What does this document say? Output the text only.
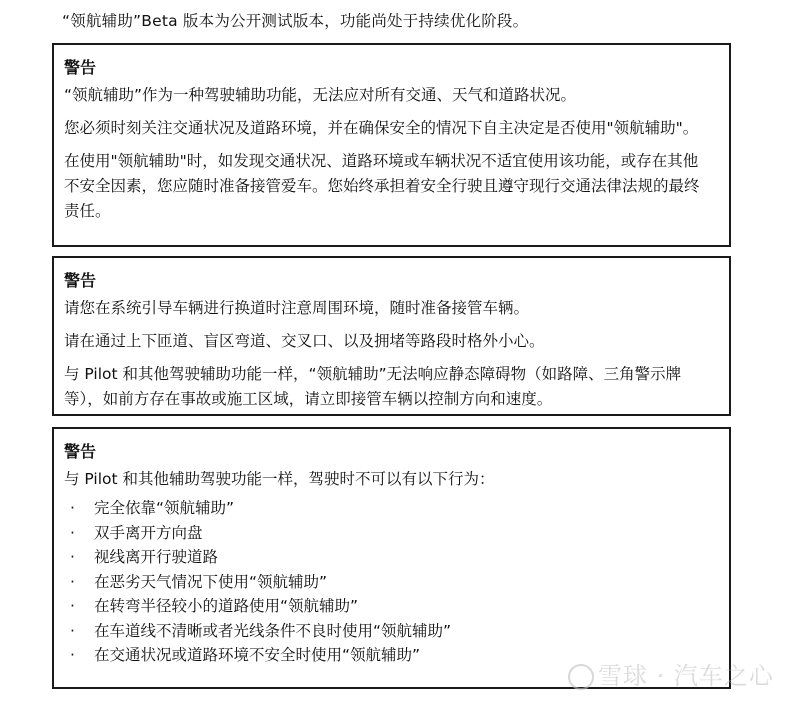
“领航辅助”Beta 版本为公开测试版本，功能尚处于持续优化阶段。
警告

“领航辅助”作为一种驾驶辅助功能，无法应对所有交通、天气和道路状况。

您必须时刻关注交通状况及道路环境，并在确保安全的情况下自主决定是否使用"领航辅助"。

在使用"领航辅助"时，如发现交通状况、道路环境或车辆状况不适宜使用该功能，或存在其他不安全因素，您应随时准备接管爱车。您始终承担着安全行驶且遵守现行交通法律法规的最终责任。

警告

请您在系统引导车辆进行换道时注意周围环境，随时准备接管车辆。

请在通过上下匝道、盲区弯道、交叉口、以及拥堵等路段时格外小心。

与 Pilot 和其他驾驶辅助功能一样，“领航辅助”无法响应静态障碍物（如路障、三角警示牌等），如前方存在事故或施工区域，请立即接管车辆以控制方向和速度。

警告

与 Pilot 和其他辅助驾驶功能一样，驾驶时不可以有以下行为：

·	完全依靠“领航辅助”
·	双手离开方向盘
·	视线离开行驶道路
·	在恶劣天气情况下使用“领航辅助”
·	在转弯半径较小的道路使用“领航辅助”
·	在车道线不清晰或者光线条件不良时使用“领航辅助”
·	在交通状况或道路环境不安全时使用“领航辅助”
雪球 · 汽车之心
